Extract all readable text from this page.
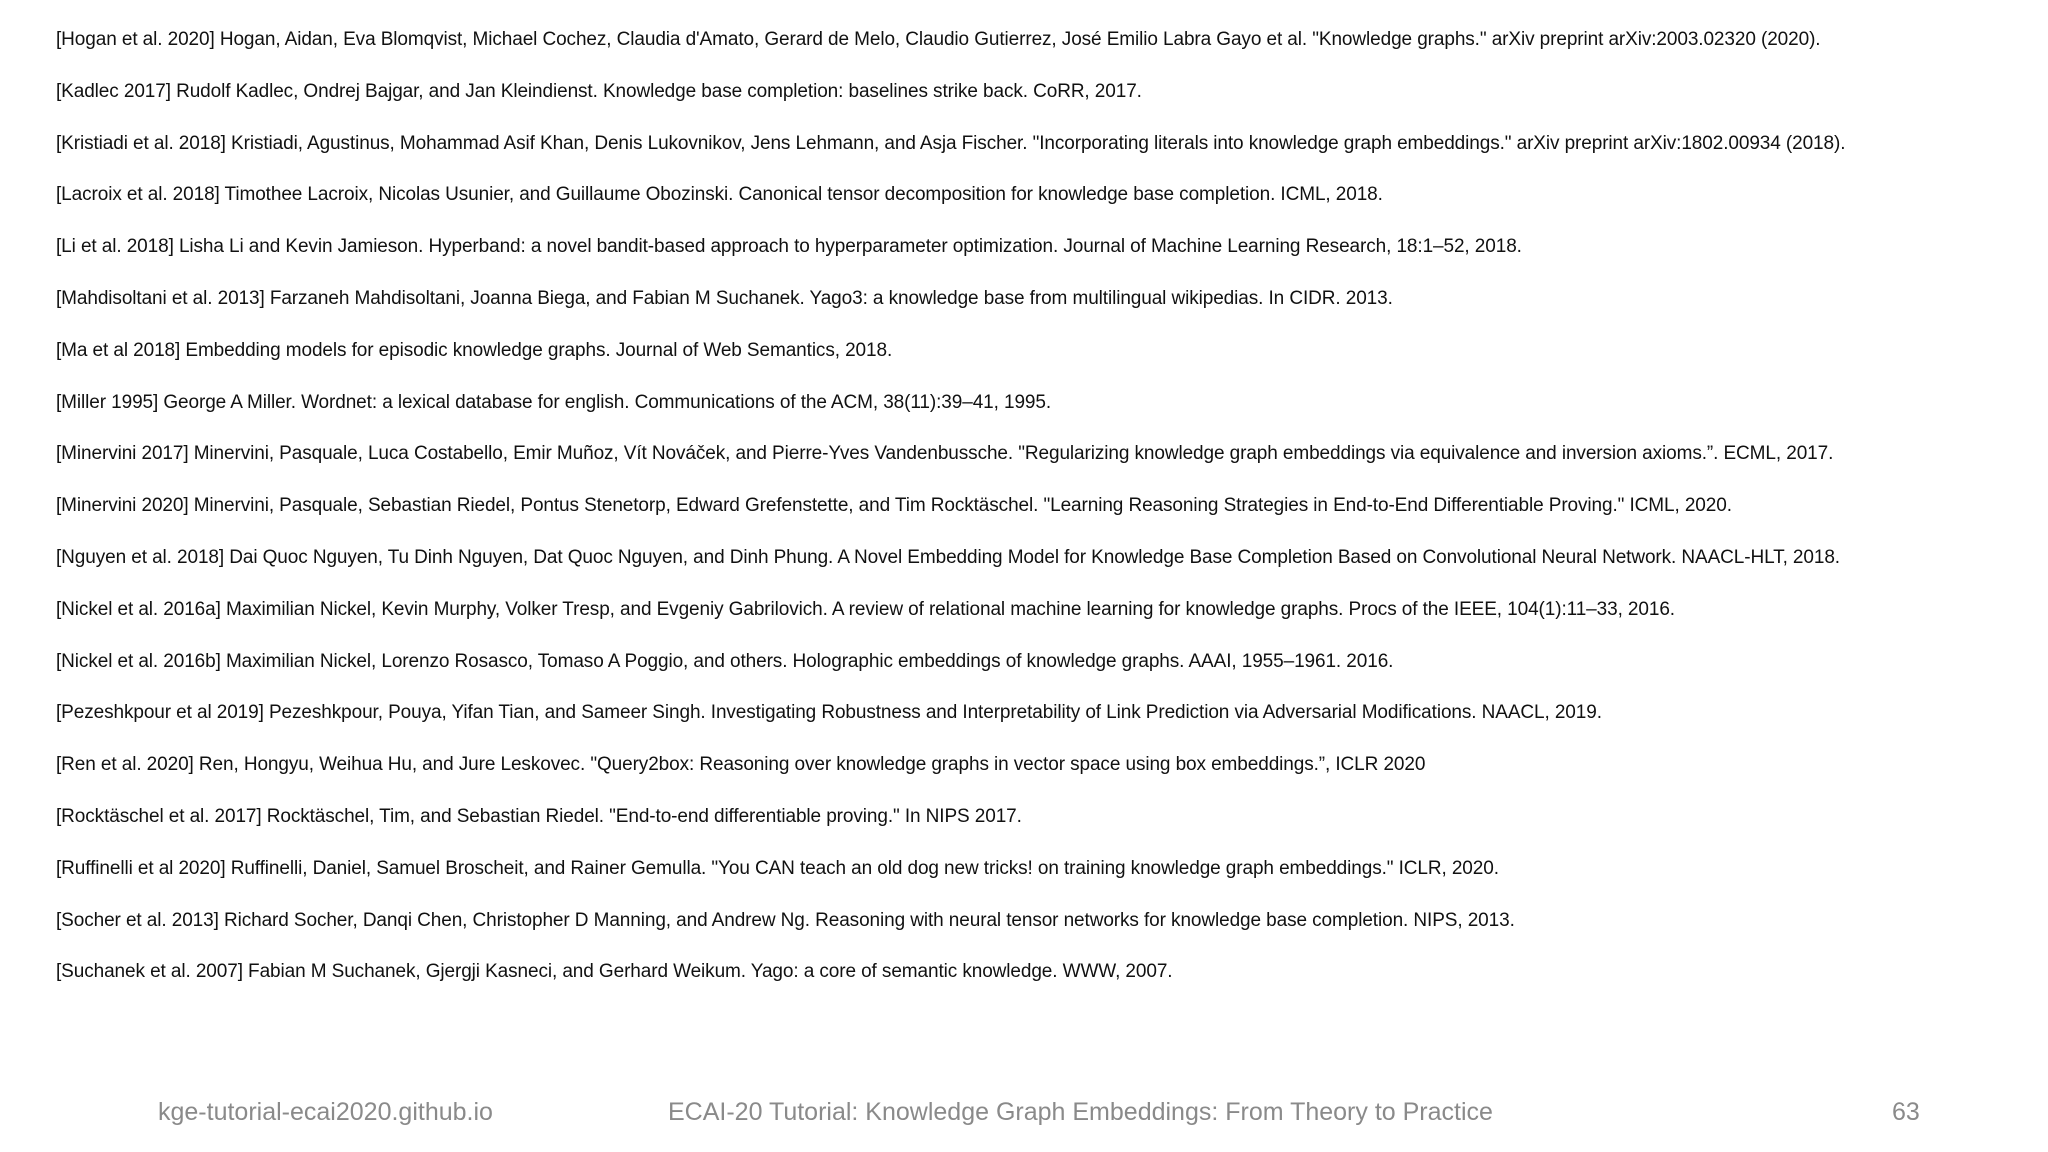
[Hogan et al. 2020] Hogan, Aidan, Eva Blomqvist, Michael Cochez, Claudia d'Amato, Gerard de Melo, Claudio Gutierrez, José Emilio Labra Gayo et al. "Knowledge graphs." arXiv preprint arXiv:2003.02320 (2020).
[Kadlec 2017] Rudolf Kadlec, Ondrej Bajgar, and Jan Kleindienst. Knowledge base completion: baselines strike back. CoRR, 2017.
[Kristiadi et al. 2018] Kristiadi, Agustinus, Mohammad Asif Khan, Denis Lukovnikov, Jens Lehmann, and Asja Fischer. "Incorporating literals into knowledge graph embeddings." arXiv preprint arXiv:1802.00934 (2018).
[Lacroix et al. 2018] Timothee Lacroix, Nicolas Usunier, and Guillaume Obozinski. Canonical tensor decomposition for knowledge base completion. ICML, 2018.
[Li et al. 2018] Lisha Li and Kevin Jamieson. Hyperband: a novel bandit-based approach to hyperparameter optimization. Journal of Machine Learning Research, 18:1–52, 2018.
[Mahdisoltani et al. 2013] Farzaneh Mahdisoltani, Joanna Biega, and Fabian M Suchanek. Yago3: a knowledge base from multilingual wikipedias. In CIDR. 2013.
[Ma et al 2018] Embedding models for episodic knowledge graphs. Journal of Web Semantics, 2018.
[Miller 1995] George A Miller. Wordnet: a lexical database for english. Communications of the ACM, 38(11):39–41, 1995.
[Minervini 2017] Minervini, Pasquale, Luca Costabello, Emir Muñoz, Vít Nováček, and Pierre-Yves Vandenbussche. "Regularizing knowledge graph embeddings via equivalence and inversion axioms.”. ECML, 2017.
[Minervini 2020] Minervini, Pasquale, Sebastian Riedel, Pontus Stenetorp, Edward Grefenstette, and Tim Rocktäschel. "Learning Reasoning Strategies in End-to-End Differentiable Proving." ICML, 2020.
[Nguyen et al. 2018] Dai Quoc Nguyen, Tu Dinh Nguyen, Dat Quoc Nguyen, and Dinh Phung. A Novel Embedding Model for Knowledge Base Completion Based on Convolutional Neural Network. NAACL-HLT, 2018.
[Nickel et al. 2016a] Maximilian Nickel, Kevin Murphy, Volker Tresp, and Evgeniy Gabrilovich. A review of relational machine learning for knowledge graphs. Procs of the IEEE, 104(1):11–33, 2016.
[Nickel et al. 2016b] Maximilian Nickel, Lorenzo Rosasco, Tomaso A Poggio, and others. Holographic embeddings of knowledge graphs. AAAI, 1955–1961. 2016.
[Pezeshkpour et al 2019] Pezeshkpour, Pouya, Yifan Tian, and Sameer Singh. Investigating Robustness and Interpretability of Link Prediction via Adversarial Modifications. NAACL, 2019.
[Ren et al. 2020] Ren, Hongyu, Weihua Hu, and Jure Leskovec. "Query2box: Reasoning over knowledge graphs in vector space using box embeddings.”, ICLR 2020
[Rocktäschel et al. 2017] Rocktäschel, Tim, and Sebastian Riedel. "End-to-end differentiable proving." In NIPS 2017.
[Ruffinelli et al 2020] Ruffinelli, Daniel, Samuel Broscheit, and Rainer Gemulla. "You CAN teach an old dog new tricks! on training knowledge graph embeddings." ICLR, 2020.
[Socher et al. 2013] Richard Socher, Danqi Chen, Christopher D Manning, and Andrew Ng. Reasoning with neural tensor networks for knowledge base completion. NIPS, 2013.
[Suchanek et al. 2007] Fabian M Suchanek, Gjergji Kasneci, and Gerhard Weikum. Yago: a core of semantic knowledge. WWW, 2007.
kge-tutorial-ecai2020.github.io	ECAI-20 Tutorial: Knowledge Graph Embeddings: From Theory to Practice	63
